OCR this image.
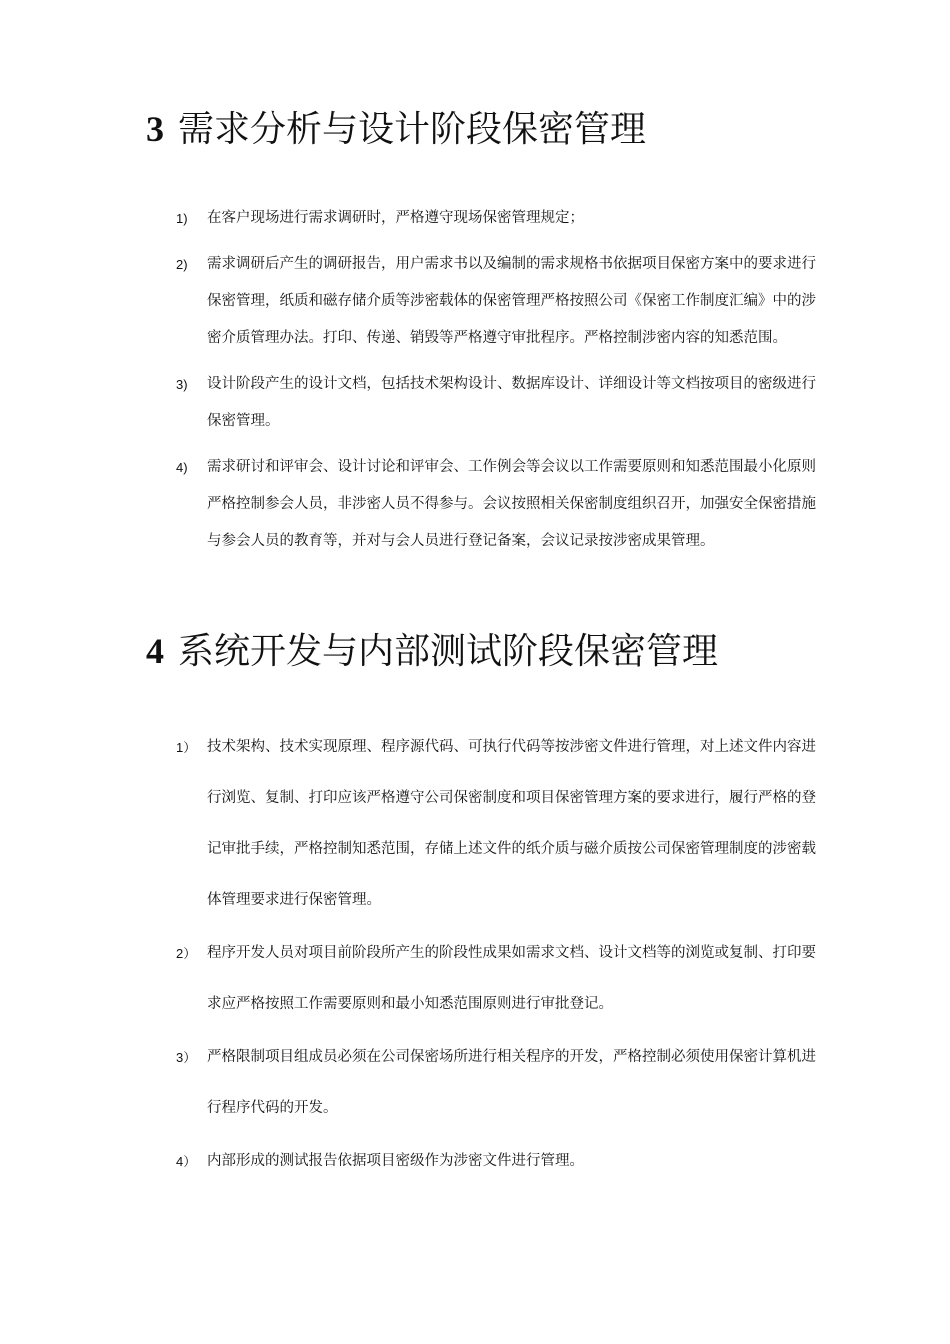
3 需求分析与设计阶段保密管理
1) 在客户现场进行需求调研时，严格遵守现场保密管理规定；
2) 需求调研后产生的调研报告，用户需求书以及编制的需求规格书依据项目保密方案中的要求进行保密管理，纸质和磁存储介质等涉密载体的保密管理严格按照公司《保密工作制度汇编》中的涉密介质管理办法。打印、传递、销毁等严格遵守审批程序。严格控制涉密内容的知悉范围。
3) 设计阶段产生的设计文档，包括技术架构设计、数据库设计、详细设计等文档按项目的密级进行保密管理。
4) 需求研讨和评审会、设计讨论和评审会、工作例会等会议以工作需要原则和知悉范围最小化原则严格控制参会人员，非涉密人员不得参与。会议按照相关保密制度组织召开，加强安全保密措施与参会人员的教育等，并对与会人员进行登记备案，会议记录按涉密成果管理。
4 系统开发与内部测试阶段保密管理
1） 技术架构、技术实现原理、程序源代码、可执行代码等按涉密文件进行管理，对上述文件内容进行浏览、复制、打印应该严格遵守公司保密制度和项目保密管理方案的要求进行，履行严格的登记审批手续，严格控制知悉范围，存储上述文件的纸介质与磁介质按公司保密管理制度的涉密载体管理要求进行保密管理。
2） 程序开发人员对项目前阶段所产生的阶段性成果如需求文档、设计文档等的浏览或复制、打印要求应严格按照工作需要原则和最小知悉范围原则进行审批登记。
3） 严格限制项目组成员必须在公司保密场所进行相关程序的开发，严格控制必须使用保密计算机进行程序代码的开发。
4） 内部形成的测试报告依据项目密级作为涉密文件进行管理。
